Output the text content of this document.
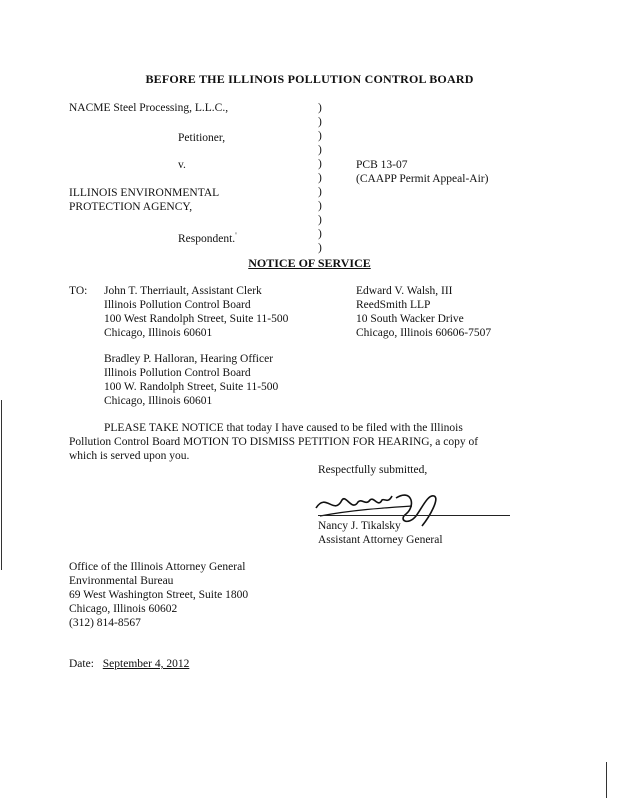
BEFORE THE ILLINOIS POLLUTION CONTROL BOARD
NACME Steel Processing, L.L.C.,
Petitioner,
v.
ILLINOIS ENVIRONMENTAL
PROTECTION AGENCY,
Respondent.'
)
)
)
)
)
)
)
)
)
)
)
PCB 13-07
(CAAPP Permit Appeal-Air)
NOTICE OF SERVICE
TO: John T. Therriault, Assistant Clerk
Illinois Pollution Control Board
100 West Randolph Street, Suite 11-500
Chicago, Illinois 60601
Edward V. Walsh, III
ReedSmith LLP
10 South Wacker Drive
Chicago, Illinois 60606-7507
Bradley P. Halloran, Hearing Officer
Illinois Pollution Control Board
100 W. Randolph Street, Suite 11-500
Chicago, Illinois 60601
PLEASE TAKE NOTICE that today I have caused to be filed with the Illinois
Pollution Control Board MOTION TO DISMISS PETITION FOR HEARING, a copy of
which is served upon you.
Respectfully submitted,
Nancy J. Tikalsky
Assistant Attorney General
Office of the Illinois Attorney General
Environmental Bureau
69 West Washington Street, Suite 1800
Chicago, Illinois 60602
(312) 814-8567
Date: September 4, 2012
